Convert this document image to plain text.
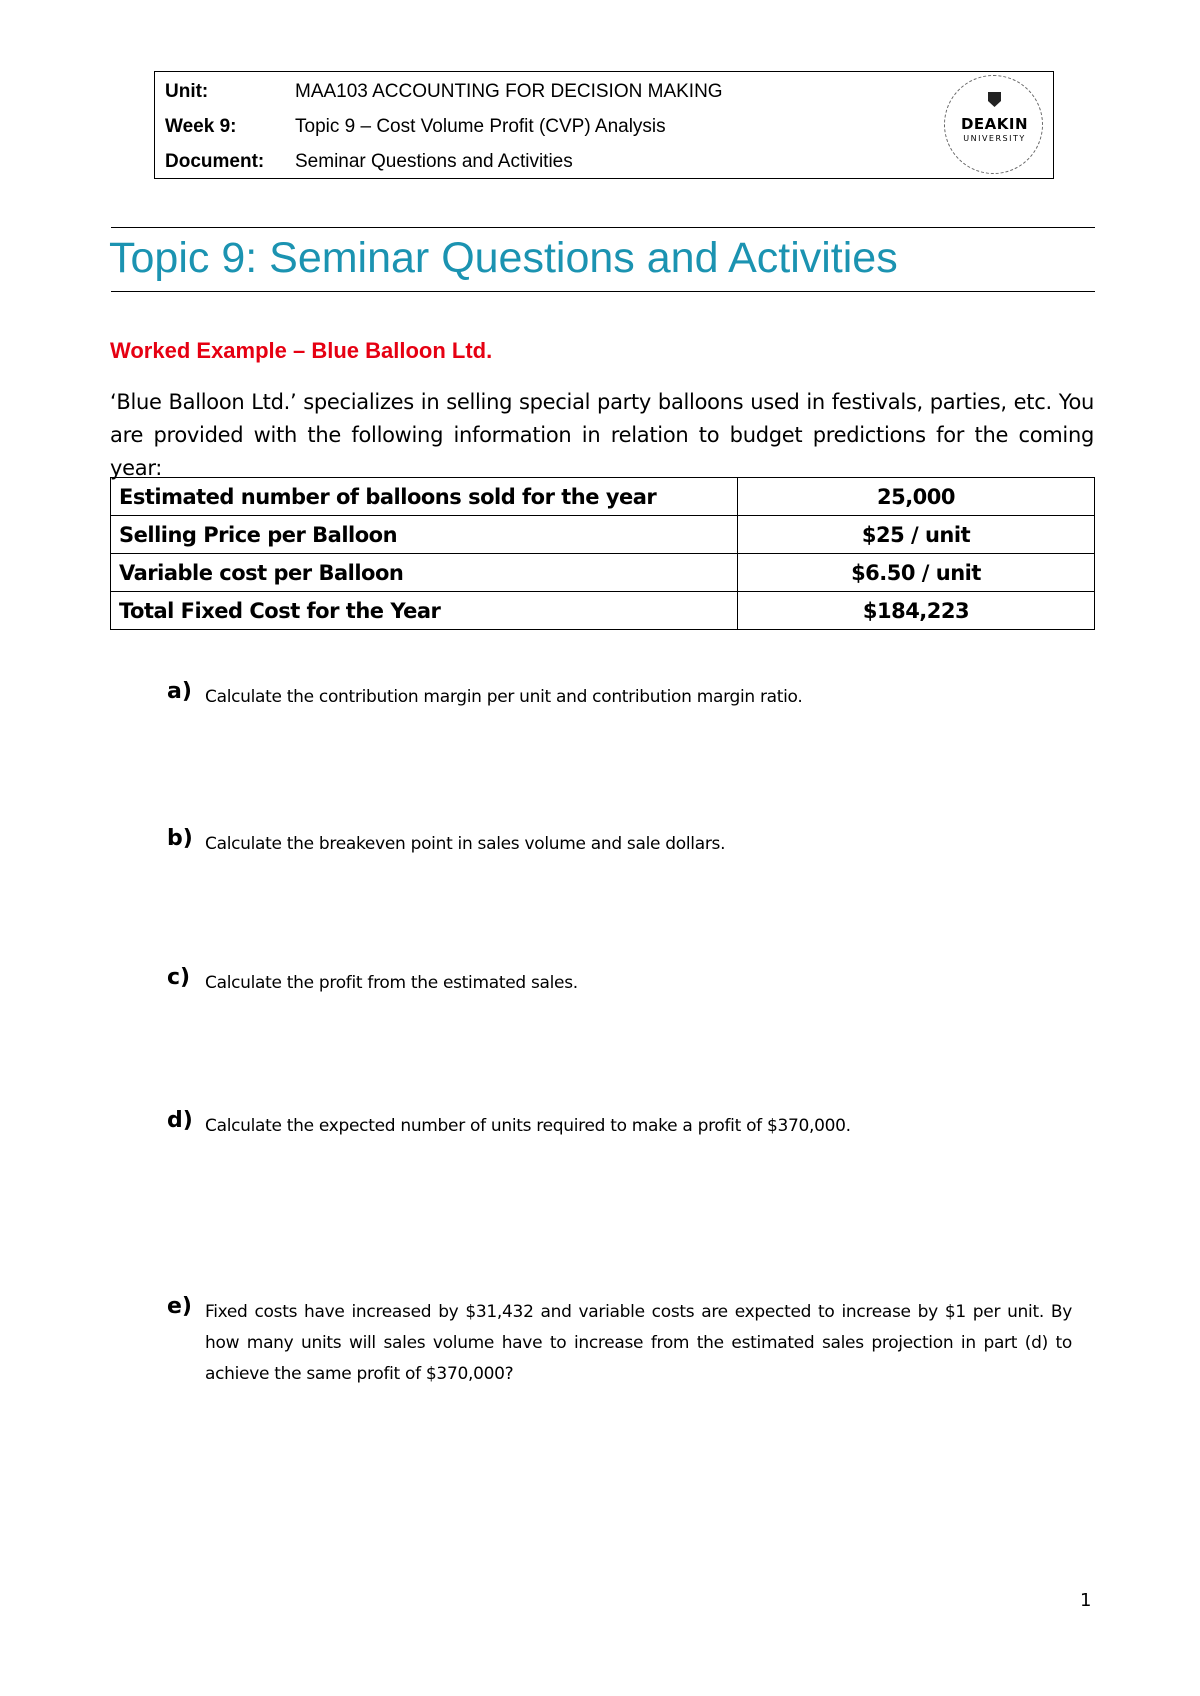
Unit:	MAA103 ACCOUNTING FOR DECISION MAKING
Week 9:	Topic 9 – Cost Volume Profit (CVP) Analysis
Document:	Seminar Questions and Activities
DEAKIN
UNIVERSITY
Topic 9: Seminar Questions and Activities
Worked Example – Blue Balloon Ltd.
‘Blue Balloon Ltd.’ specializes in selling special party balloons used in festivals, parties, etc. You are provided with the following information in relation to budget predictions for the coming year:
Estimated number of balloons sold for the year	25,000
Selling Price per Balloon	$25 / unit
Variable cost per Balloon	$6.50 / unit
Total Fixed Cost for the Year	$184,223
a) Calculate the contribution margin per unit and contribution margin ratio.
b) Calculate the breakeven point in sales volume and sale dollars.
c) Calculate the profit from the estimated sales.
d) Calculate the expected number of units required to make a profit of $370,000.
e) Fixed costs have increased by $31,432 and variable costs are expected to increase by $1 per unit. By how many units will sales volume have to increase from the estimated sales projection in part (d) to achieve the same profit of $370,000?
1
